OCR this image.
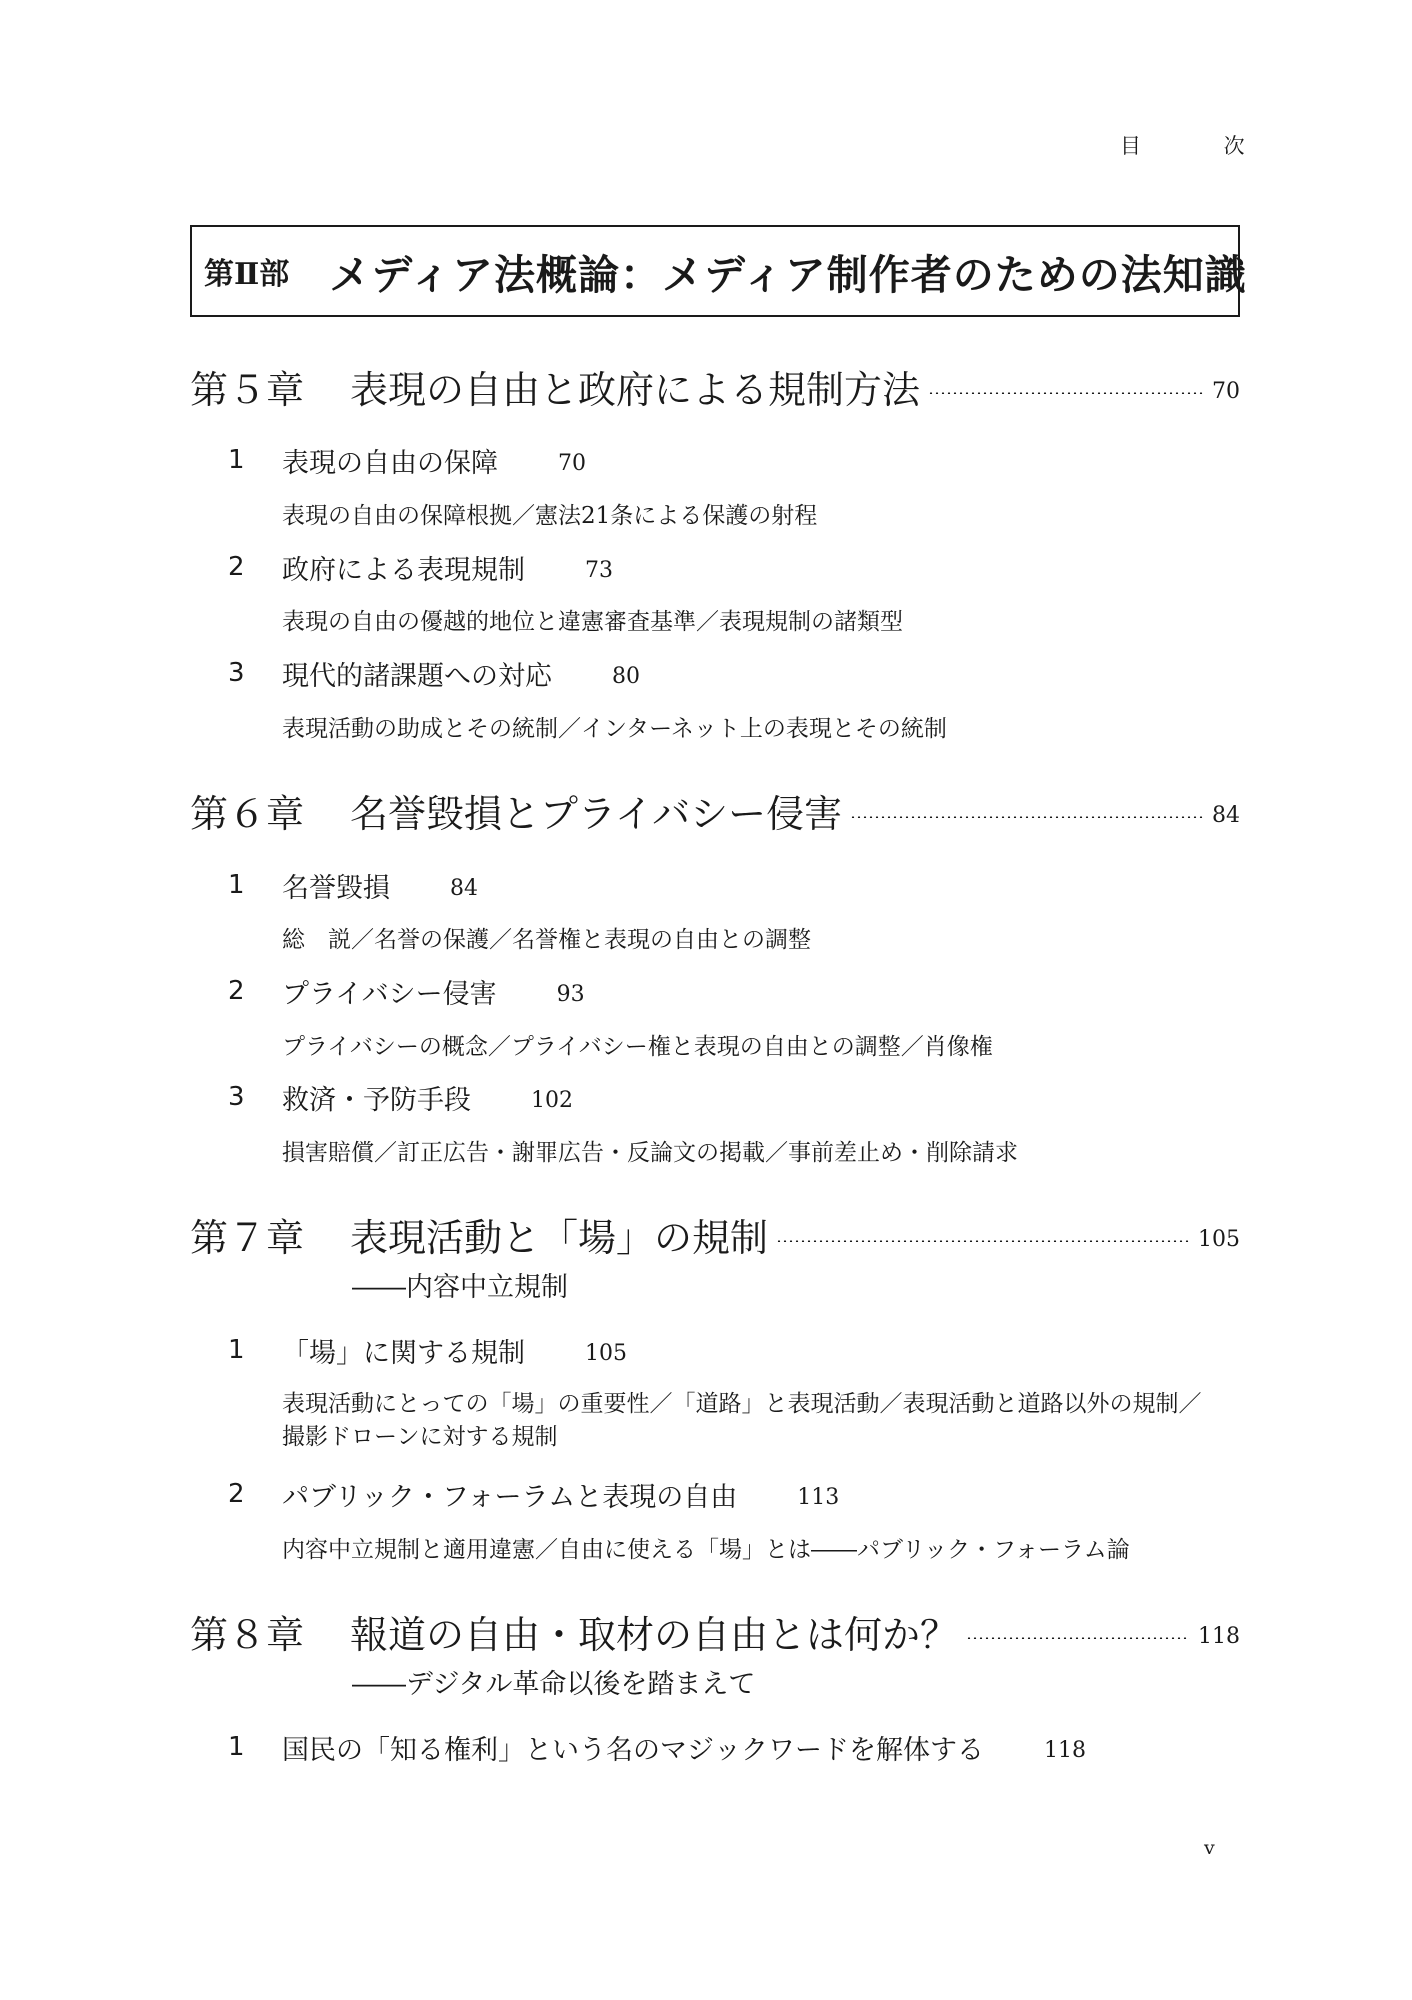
目 次
第Ⅱ部 メディア法概論：メディア制作者のための法知識
第５章	表現の自由と政府による規制方法	70
1	表現の自由の保障	70
表現の自由の保障根拠／憲法21条による保護の射程
2	政府による表現規制	73
表現の自由の優越的地位と違憲審査基準／表現規制の諸類型
3	現代的諸課題への対応	80
表現活動の助成とその統制／インターネット上の表現とその統制
第６章	名誉毀損とプライバシー侵害	84
1	名誉毀損	84
総　説／名誉の保護／名誉権と表現の自由との調整
2	プライバシー侵害	93
プライバシーの概念／プライバシー権と表現の自由との調整／肖像権
3	救済・予防手段	102
損害賠償／訂正広告・謝罪広告・反論文の掲載／事前差止め・削除請求
第７章	表現活動と「場」の規制	105
――内容中立規制
1	「場」に関する規制	105
表現活動にとっての「場」の重要性／「道路」と表現活動／表現活動と道路以外の規制／撮影ドローンに対する規制
2	パブリック・フォーラムと表現の自由	113
内容中立規制と適用違憲／自由に使える「場」とは――パブリック・フォーラム論
第８章	報道の自由・取材の自由とは何か？	118
――デジタル革命以後を踏まえて
1	国民の「知る権利」という名のマジックワードを解体する	118
v
